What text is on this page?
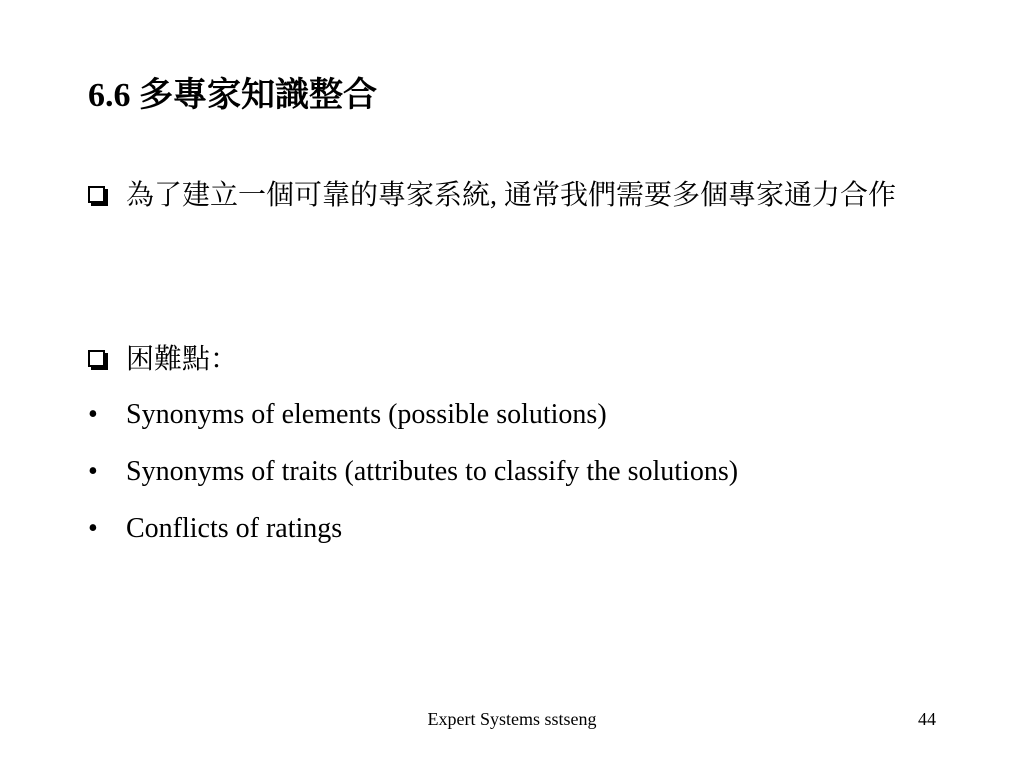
6.6 多專家知識整合
為了建立一個可靠的專家系統, 通常我們需要多個專家通力合作
困難點：
• Synonyms of elements (possible solutions)
• Synonyms of traits (attributes to classify the solutions)
• Conflicts of ratings
Expert Systems sstseng	44
